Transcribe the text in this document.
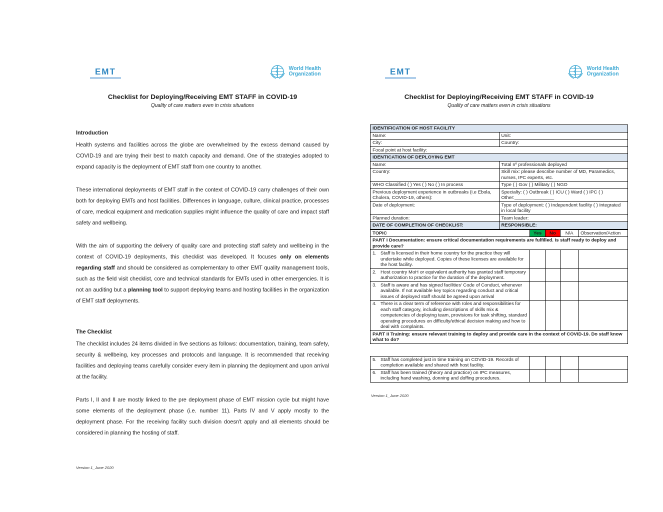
EMT	World Health
Organization
Checklist for Deploying/Receiving EMT STAFF in COVID-19
Quality of care matters even in crisis situations
Introduction

Health systems and facilities across the globe are overwhelmed by the excess demand caused by COVID-19 and are trying their best to match capacity and demand. One of the strategies adopted to expand capacity is the deployment of EMT staff from one country to another.

These international deployments of EMT staff in the context of COVID-19 carry challenges of their own both for deploying EMTs and host facilities. Differences in language, culture, clinical practice, processes of care, medical equipment and medication supplies might influence the quality of care and impact staff safety and wellbeing.

With the aim of supporting the delivery of quality care and protecting staff safety and wellbeing in the context of COVID-19 deployments, this checklist was developed. It focuses only on elements regarding staff and should be considered as complementary to other EMT quality management tools, such as the field visit checklist, core and technical standards for EMTs used in other emergencies. It is not an auditing but a planning tool to support deploying teams and hosting facilities in the organization of EMT staff deployments.

The Checklist

The checklist includes 24 items divided in five sections as follows: documentation, training, team safety, security & wellbeing, key processes and protocols and language. It is recommended that receiving facilities and deploying teams carefully consider every item in planning the deployment and upon arrival at the facility.

Parts I, II and II are mostly linked to the pre deployment phase of EMT mission cycle but might have some elements of the deployment phase (i.e. number 11). Parts IV and V apply mostly to the deployment phase. For the receiving facility such division doesn't apply and all elements should be considered in planning the hosting of staff.

Version 1_June 2020
EMT	World Health
Organization
Checklist for Deploying/Receiving EMT STAFF in COVID-19
Quality of care matters even in crisis situations
IDENTIFICATION OF HOST FACILITY	
Name:	Unit:
City:	Country:
Focal point at host facility:	
IDENTICATION OF DEPLOYING EMT	
Name:	Total nº professionals deployed
Country:	Skill mix: please describe number of MD, Paramedics, nurses, IPC experts, etc.
WHO Classified ( ) Yes ( ) No ( ) In process	Type ( ) Gov ( ) Military ( ) NGO
Previous deployment experience in outbreaks (i.e Ebola, Cholera, COVID-19, others):	Specialty: ( ) Outbreak ( ) ICU ( ) Ward ( ) IPC ( ) Other:_______________
Date of deployment:	Type of deployment: ( ) Independent facility ( ) Integrated in local facility
Planned duration:	Team leader:
DATE OF COMPLETION OF CHECKLIST:	RESPONSIBLE:
TOPIC	Yes	No	N/A	Observation/Action
PART I Documentation: ensure critical documentation requirements are fulfilled. Is staff ready to deploy and provide care?				

1. Staff is licensed in their home country for the practice they will undertake while deployed. Copies of these licenses are available for the host facility.				

2. Host country MoH or equivalent authority has granted staff temporary authorization to practice for the duration of the deployment.				

3. Staff is aware and has signed facilities' Code of Conduct, whenever available. If not available key topics regarding conduct and critical issues of deployed staff should be agreed upon arrival				

4. There is a clear term of reference with roles and responsibilities for each staff category, including descriptions of skills mix & competencies of deploying team, provisions for task shifting, standard operating procedures on difficulty/ethical decision making and how to deal with complaints.				

PART II Training: ensure relevant training to deploy and provide care in the context of COVID-19. Do staff know what to do?				
5. Staff has completed just in time training on COVID-19. Records of completion available and shared with host facility.				

6. Staff has been trained (theory and practice) on IPC measures, including hand washing, donning and doffing procedures.				

Version 1_June 2020
